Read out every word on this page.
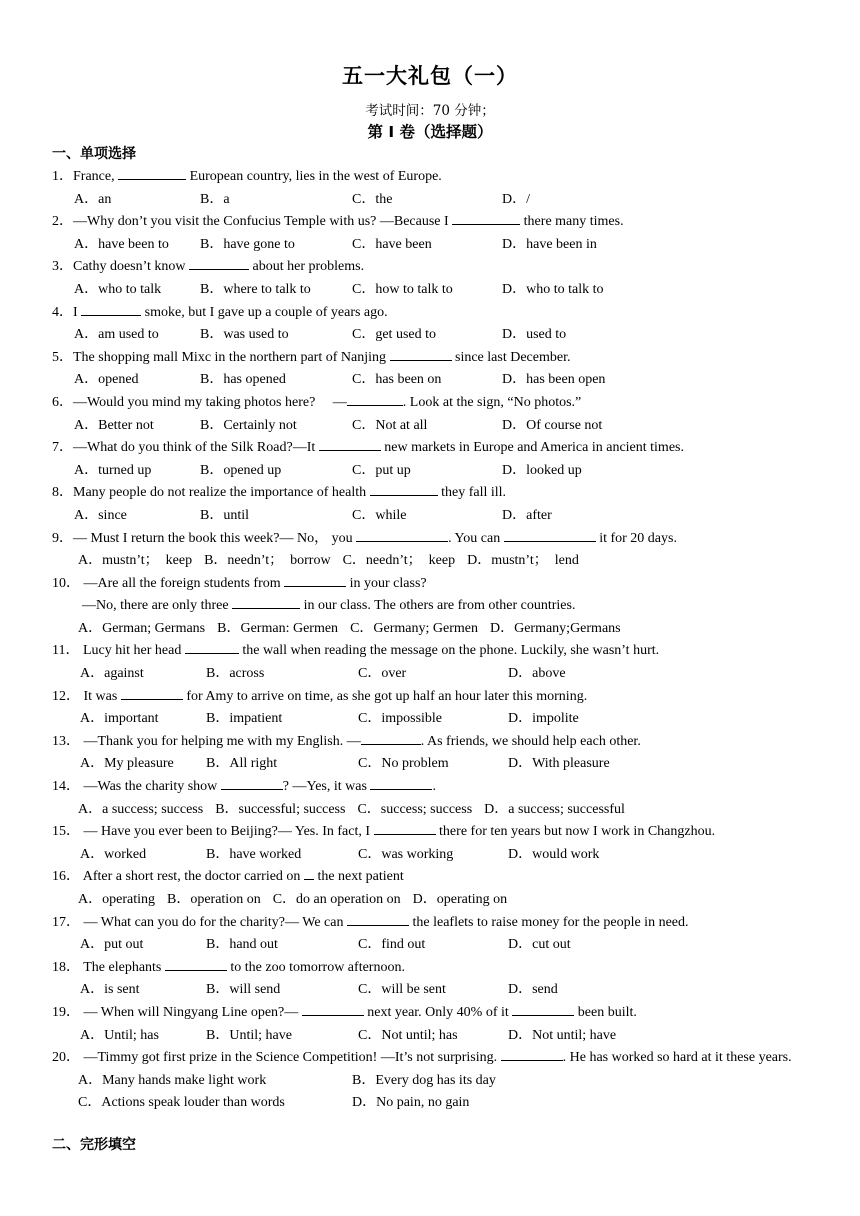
五一大礼包（一）
考试时间：70 分钟；
第 I 卷（选择题）
一、单项选择
1．France,	European country, lies in the west of Europe.
A．an	B．a	C．the	D．/
2．—Why don’t you visit the Confucius Temple with us? —Because I	there many times.
A．have been to B．have gone to	C．have been	D．have been in
3．Cathy doesn’t know	about her problems.
A．who to talk	B．where to talk to	C．how to talk to	D．who to talk to
4．I	smoke, but I gave up a couple of years ago.
A．am used to	B．was used to	C．get used to	D．used to
5．The shopping mall Mixc in the northern part of Nanjing	since last December.
A．opened	B．has opened	C．has been on	D．has been open
6．—Would you mind my taking photos here?　 —	. Look at the sign, “No photos.”
A．Better not	B．Certainly not	C．Not at all	D．Of course not
7．—What do you think of the Silk Road?—It	new markets in Europe and America in ancient times.
A．turned up	B．opened up	C．put up	D．looked up
8．Many people do not realize the importance of health	they fall ill.
A．since	B．until	C．while	D．after
9．— Must I return the book this week?— No， you	. You can	it for 20 days.
A．mustn’t；　keep B．needn’t；　borrow C．needn’t；　keep D．mustn’t；　lend
10． —Are all the foreign students from	in your class?
—No, there are only three	in our class. The others are from other countries.
A．German; Germans B．German: Germen C．Germany; Germen D．Germany;Germans
11． Lucy hit her head	the wall when reading the message on the phone. Luckily, she wasn’t hurt.
A．against	B．across	C．over	D．above
12． It was	for Amy to arrive on time, as she got up half an hour later this morning.
A．important	B．impatient	C．impossible	D．impolite
13． —Thank you for helping me with my English. —	. As friends, we should help each other.
A．My pleasure B．All right	C．No problem	D．With pleasure
14． —Was the charity show	? —Yes, it was	.
A．a success; success B．successful; success C．success; success D．a success; successful
15． — Have you ever been to Beijing?— Yes. In fact, I	there for ten years but now I work in Changzhou.
A．worked	B．have worked	C．was working	D．would work
16． After a short rest, the doctor carried on  the next patient
A．operating B．operation on C．do an operation on D．operating on
17． — What can you do for the charity?— We can	the leaflets to raise money for the people in need.
A．put out	B．hand out	C．find out	D．cut out
18． The elephants	to the zoo tomorrow afternoon.
A．is sent	B．will send	C．will be sent	D．send
19． — When will Ningyang Line open?—	next year. Only 40% of it	been built.
A．Until; has	B．Until; have	C．Not until; has	D．Not until; have
20． —Timmy got first prize in the Science Competition! —It’s not surprising.	. He has worked so hard at it these years.
A．Many hands make light work	B．Every dog has its day
C．Actions speak louder than words	D．No pain, no gain
二、完形填空
